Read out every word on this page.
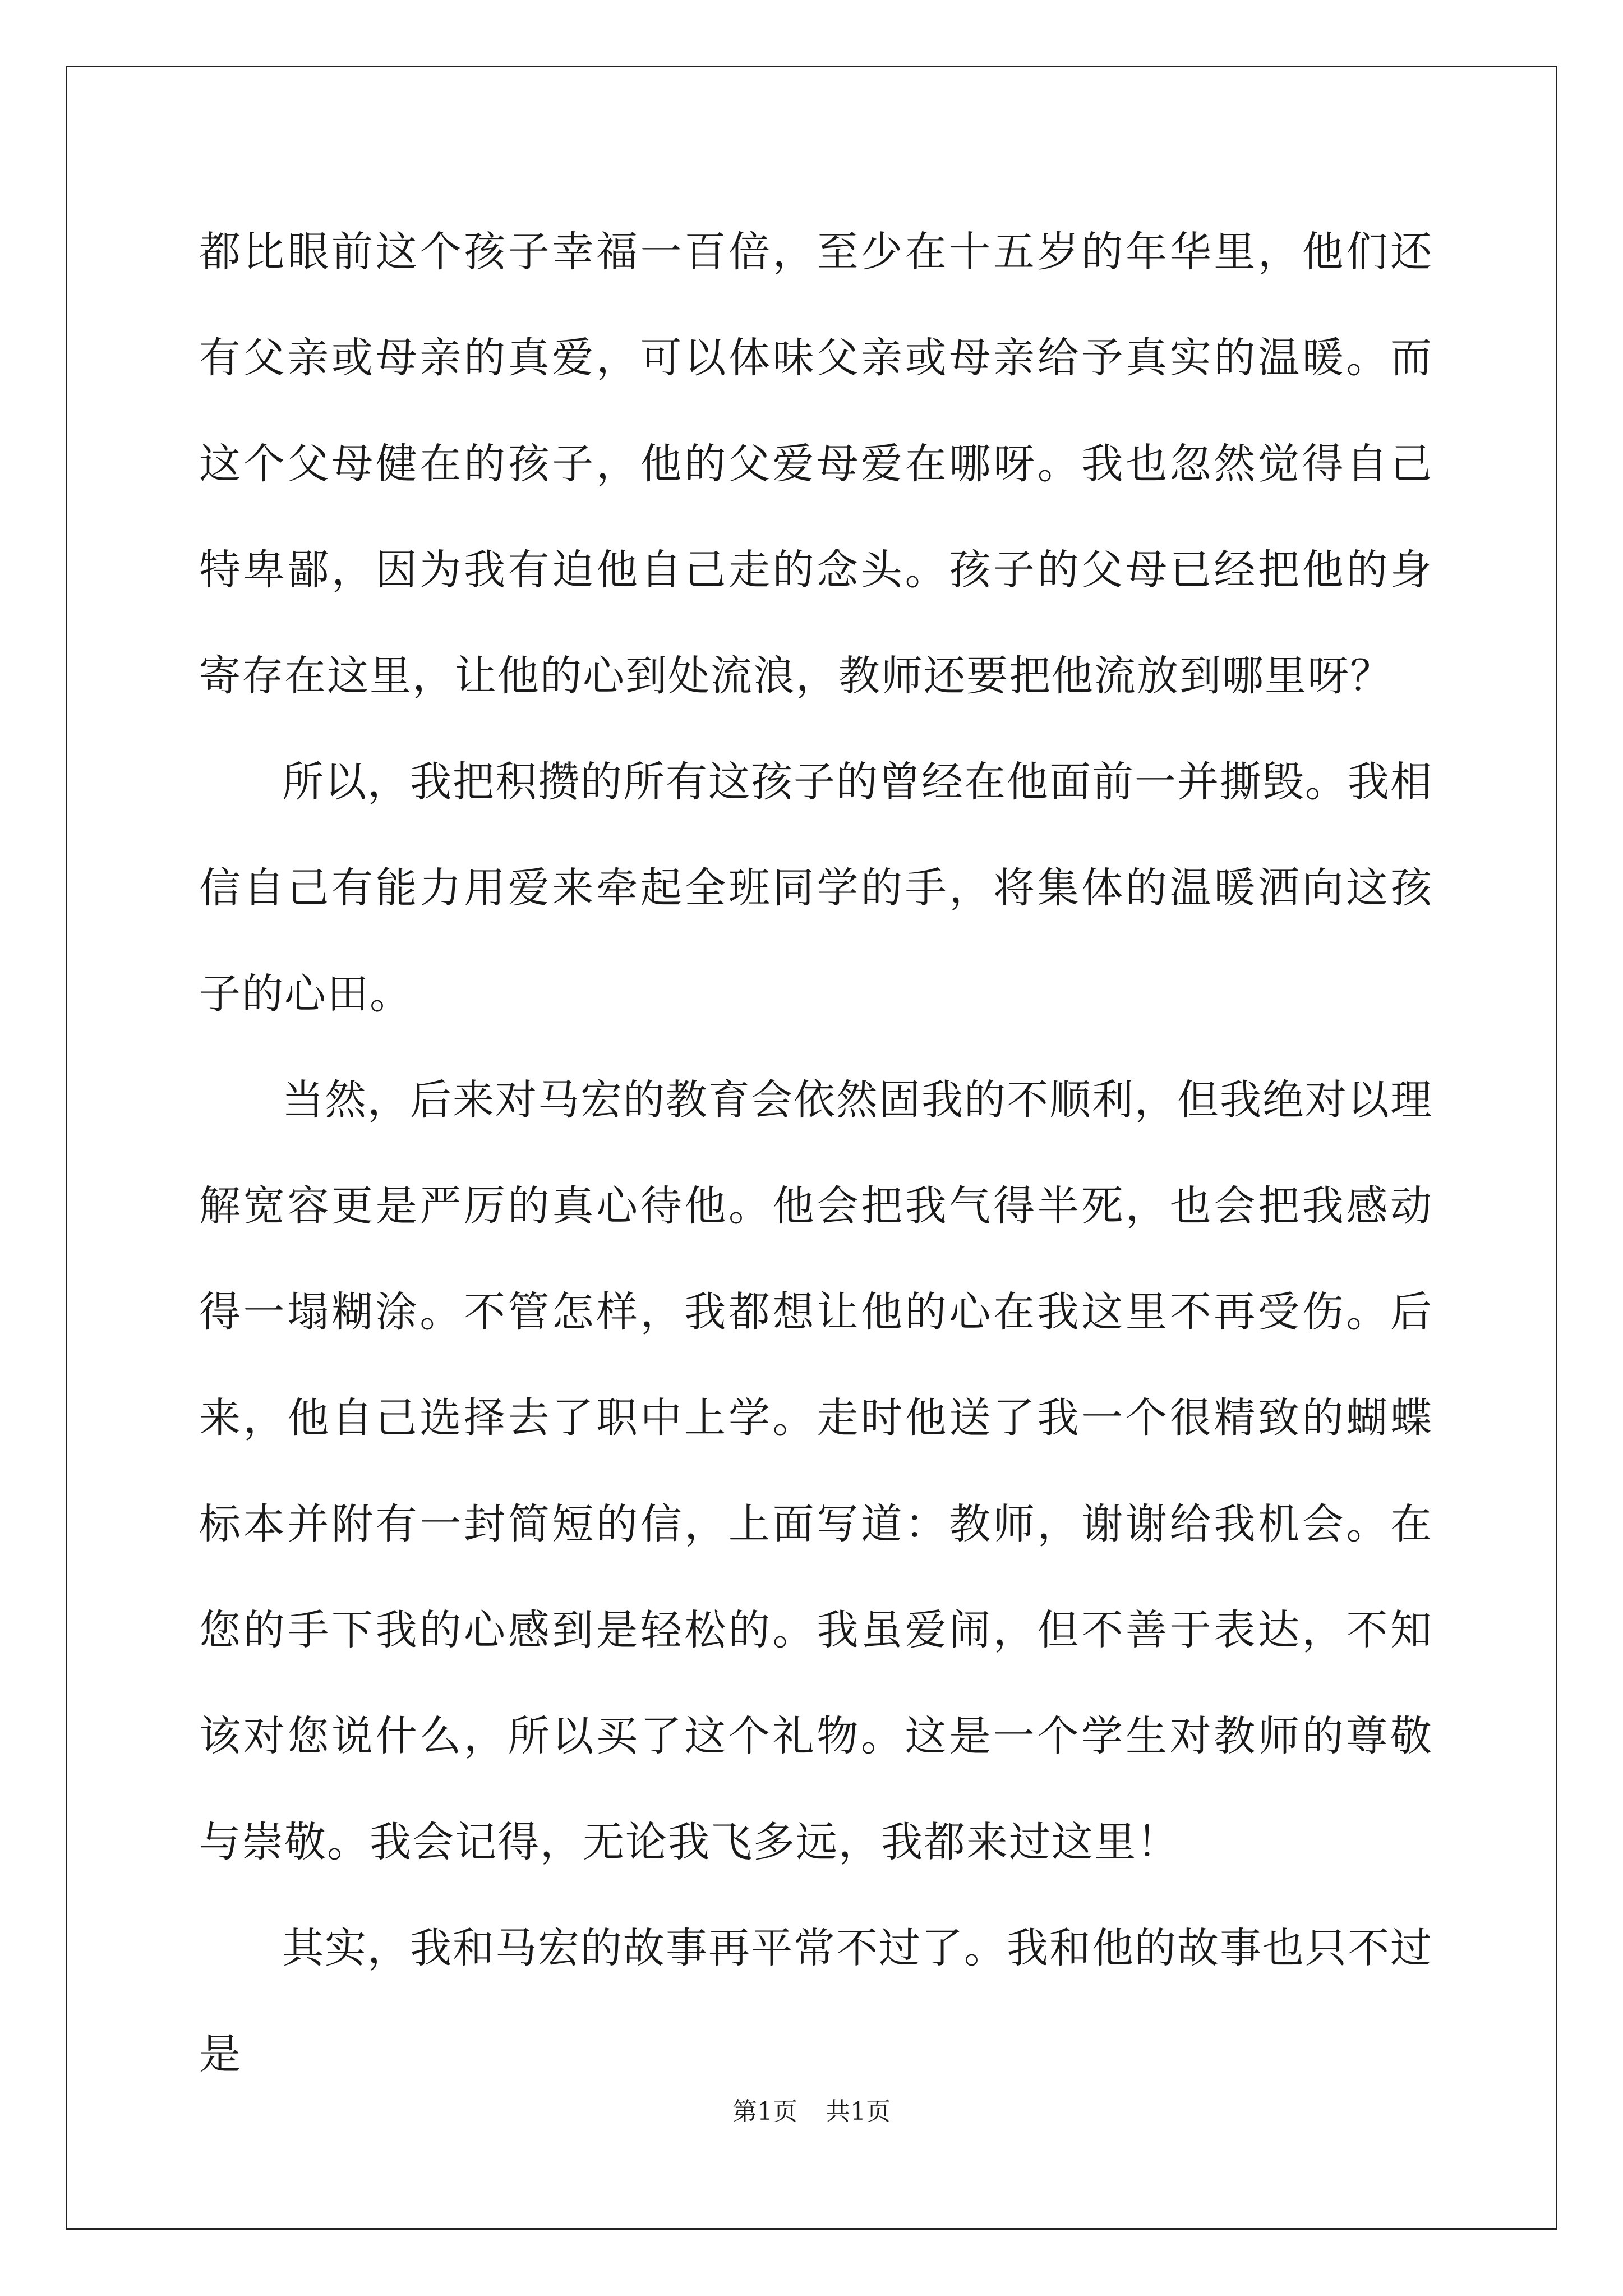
都比眼前这个孩子幸福一百倍，至少在十五岁的年华里，他们还有父亲或母亲的真爱，可以体味父亲或母亲给予真实的温暖。而这个父母健在的孩子，他的父爱母爱在哪呀。我也忽然觉得自己特卑鄙，因为我有迫他自己走的念头。孩子的父母已经把他的身寄存在这里，让他的心到处流浪，教师还要把他流放到哪里呀？

所以，我把积攒的所有这孩子的曾经在他面前一并撕毁。我相信自己有能力用爱来牵起全班同学的手，将集体的温暖洒向这孩子的心田。

当然，后来对马宏的教育会依然固我的不顺利，但我绝对以理解宽容更是严厉的真心待他。他会把我气得半死，也会把我感动得一塌糊涂。不管怎样，我都想让他的心在我这里不再受伤。后来，他自己选择去了职中上学。走时他送了我一个很精致的蝴蝶标本并附有一封简短的信，上面写道：教师，谢谢给我机会。在您的手下我的心感到是轻松的。我虽爱闹，但不善于表达，不知该对您说什么，所以买了这个礼物。这是一个学生对教师的尊敬与崇敬。我会记得，无论我飞多远，我都来过这里！

其实，我和马宏的故事再平常不过了。我和他的故事也只不过是

第1页 共1页
